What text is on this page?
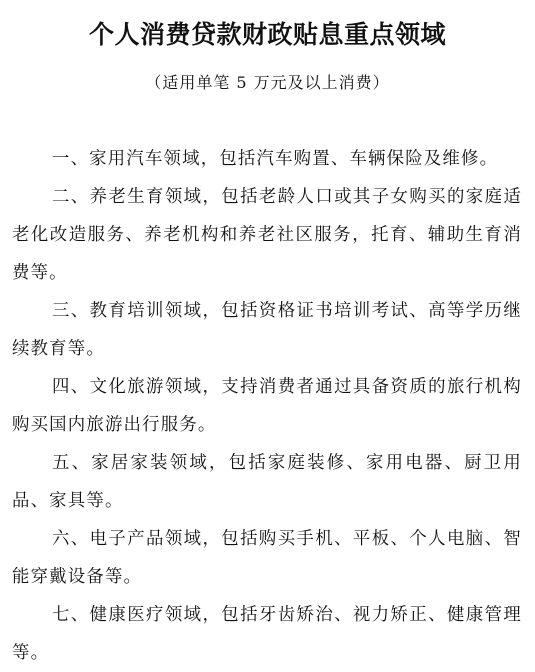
个人消费贷款财政贴息重点领域
（适用单笔 5 万元及以上消费）

一、家用汽车领域，包括汽车购置、车辆保险及维修。

二、养老生育领域，包括老龄人口或其子女购买的家庭适老化改造服务、养老机构和养老社区服务，托育、辅助生育消费等。

三、教育培训领域，包括资格证书培训考试、高等学历继续教育等。

四、文化旅游领域，支持消费者通过具备资质的旅行机构购买国内旅游出行服务。

五、家居家装领域，包括家庭装修、家用电器、厨卫用品、家具等。

六、电子产品领域，包括购买手机、平板、个人电脑、智能穿戴设备等。

七、健康医疗领域，包括牙齿矫治、视力矫正、健康管理等。
